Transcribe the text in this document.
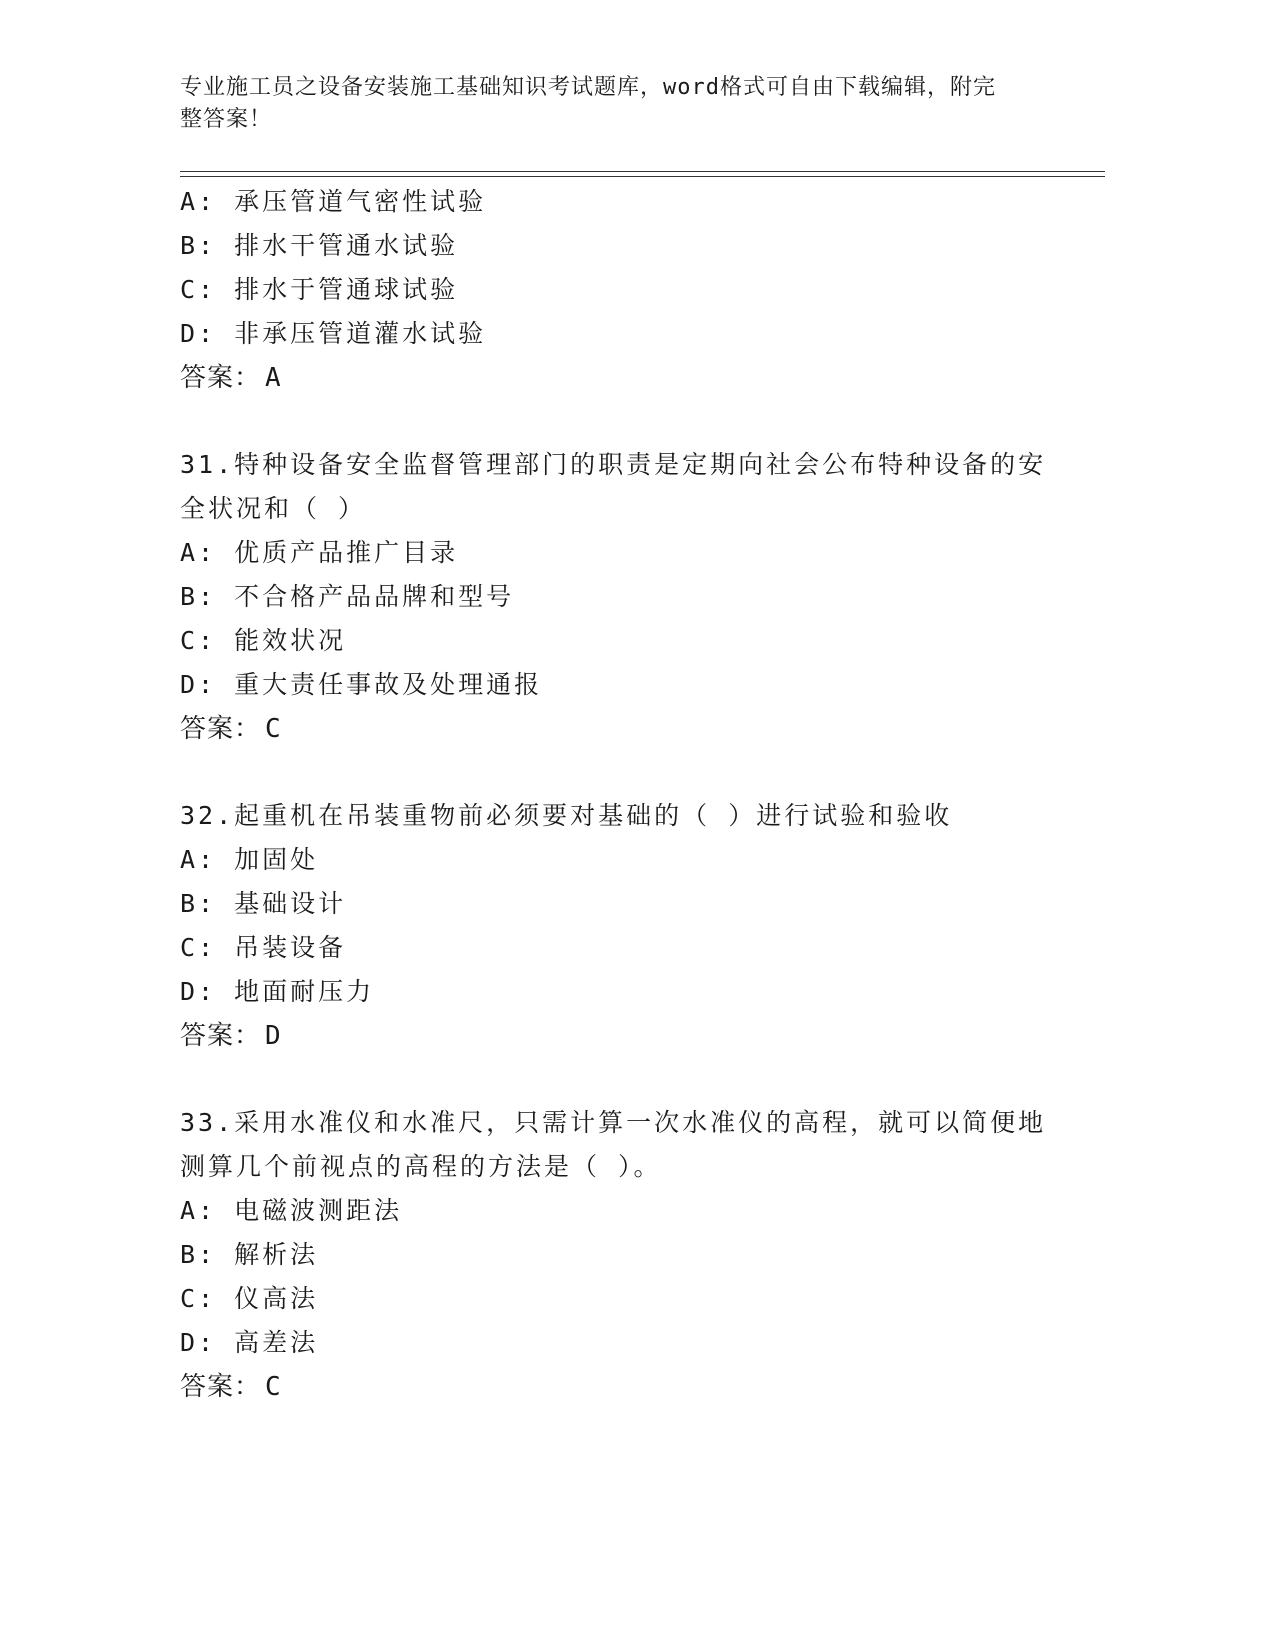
专业施工员之设备安装施工基础知识考试题库，word格式可自由下载编辑，附完
整答案！
A: 承压管道气密性试验
B: 排水干管通水试验
C: 排水于管通球试验
D: 非承压管道灌水试验
答案： A
31.特种设备安全监督管理部门的职责是定期向社会公布特种设备的安
全状况和（ ）
A: 优质产品推广目录
B: 不合格产品品牌和型号
C: 能效状况
D: 重大责任事故及处理通报
答案： C
32.起重机在吊装重物前必须要对基础的（ ）进行试验和验收
A: 加固处
B: 基础设计
C: 吊装设备
D: 地面耐压力
答案： D
33.采用水准仪和水准尺，只需计算一次水准仪的高程，就可以简便地
测算几个前视点的高程的方法是（ ）。
A: 电磁波测距法
B: 解析法
C: 仪高法
D: 高差法
答案： C
